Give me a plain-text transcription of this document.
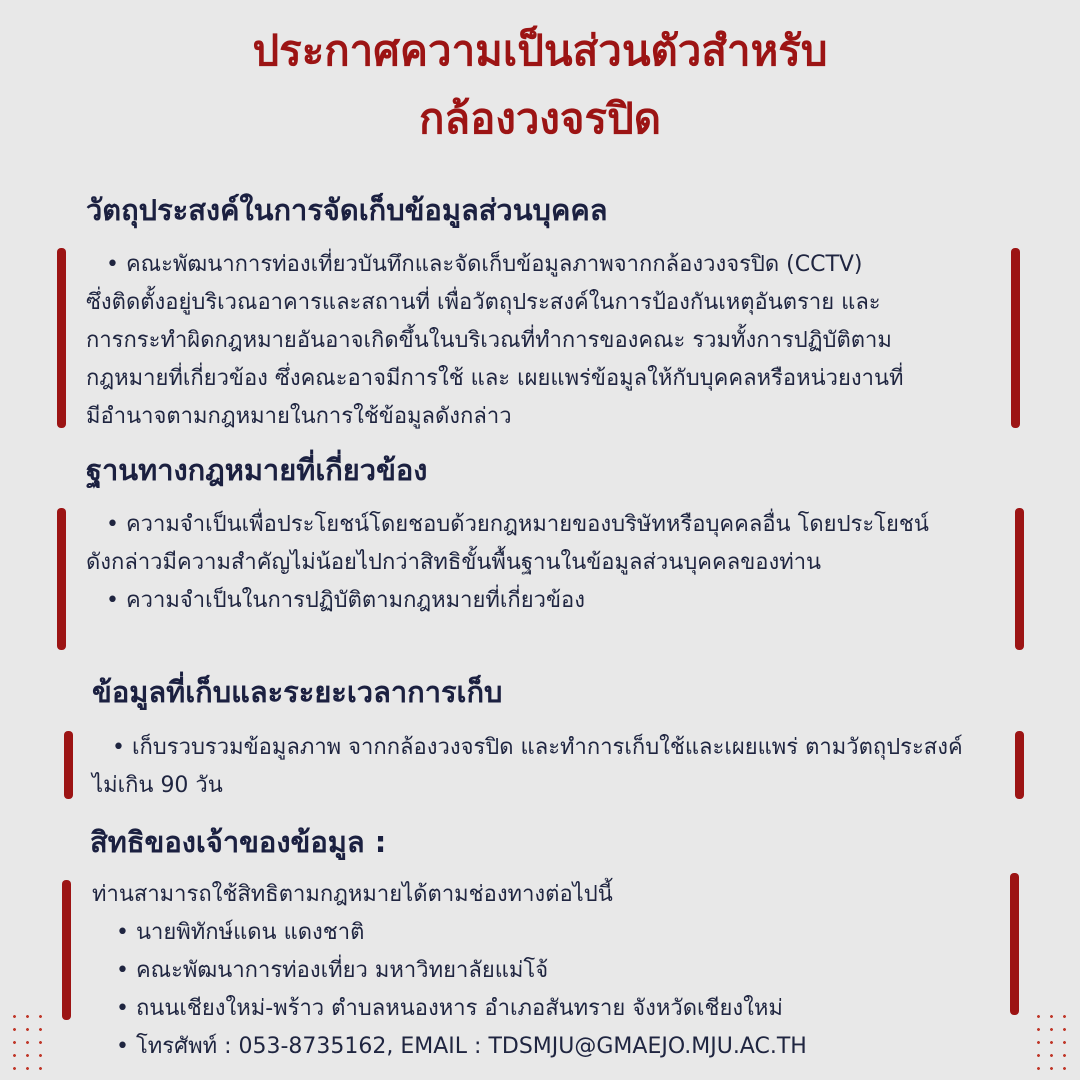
ประกาศความเป็นส่วนตัวสำหรับ
กล้องวงจรปิด
วัตถุประสงค์ในการจัดเก็บข้อมูลส่วนบุคคล
• คณะพัฒนาการท่องเที่ยวบันทึกและจัดเก็บข้อมูลภาพจากกล้องวงจรปิด (CCTV)
ซึ่งติดตั้งอยู่บริเวณอาคารและสถานที่ เพื่อวัตถุประสงค์ในการป้องกันเหตุอันตราย และ
การกระทำผิดกฎหมายอันอาจเกิดขึ้นในบริเวณที่ทำการของคณะ รวมทั้งการปฏิบัติตาม
กฎหมายที่เกี่ยวข้อง ซึ่งคณะอาจมีการใช้ และ เผยแพร่ข้อมูลให้กับบุคคลหรือหน่วยงานที่
มีอำนาจตามกฎหมายในการใช้ข้อมูลดังกล่าว
ฐานทางกฎหมายที่เกี่ยวข้อง
• ความจำเป็นเพื่อประโยชน์โดยชอบด้วยกฎหมายของบริษัทหรือบุคคลอื่น โดยประโยชน์
ดังกล่าวมีความสำคัญไม่น้อยไปกว่าสิทธิขั้นพื้นฐานในข้อมูลส่วนบุคคลของท่าน
• ความจำเป็นในการปฏิบัติตามกฎหมายที่เกี่ยวข้อง
ข้อมูลที่เก็บและระยะเวลาการเก็บ
• เก็บรวบรวมข้อมูลภาพ จากกล้องวงจรปิด และทำการเก็บใช้และเผยแพร่ ตามวัตถุประสงค์
ไม่เกิน 90 วัน
สิทธิของเจ้าของข้อมูล :
ท่านสามารถใช้สิทธิตามกฎหมายได้ตามช่องทางต่อไปนี้
• นายพิทักษ์แดน แดงชาติ
• คณะพัฒนาการท่องเที่ยว มหาวิทยาลัยแม่โจ้
• ถนนเชียงใหม่-พร้าว ตำบลหนองหาร อำเภอสันทราย จังหวัดเชียงใหม่
• โทรศัพท์ : 053-8735162, EMAIL : TDSMJU@GMAEJO.MJU.AC.TH
